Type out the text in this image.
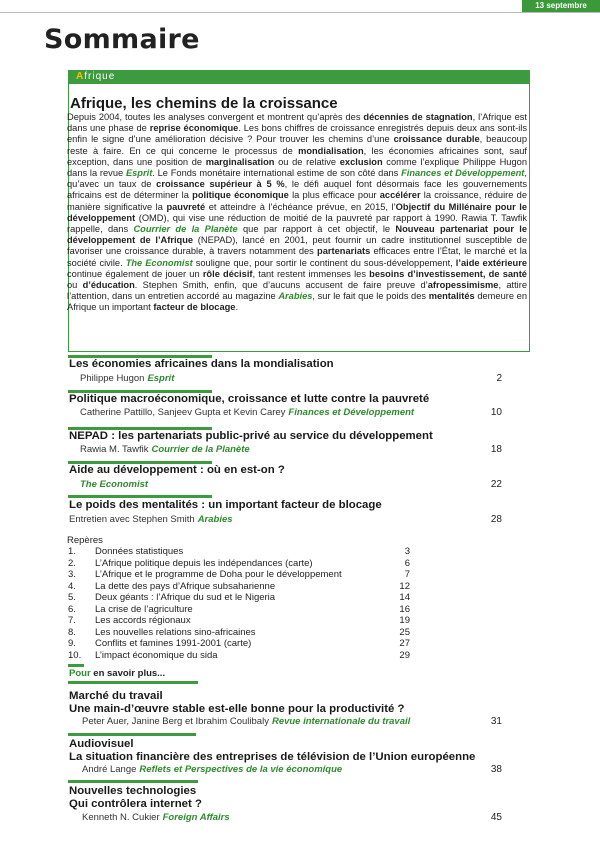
13 septembre
Sommaire
Afrique
Afrique, les chemins de la croissance
Depuis 2004, toutes les analyses convergent et montrent qu’après des décennies de stagnation, l’Afrique est dans une phase de reprise économique. Les bons chiffres de croissance enregistrés depuis deux ans sont-ils enfin le signe d’une amélioration décisive ? Pour trouver les chemins d’une croissance durable, beaucoup reste à faire. En ce qui concerne le processus de mondialisation, les économies africaines sont, sauf exception, dans une position de marginalisation ou de relative exclusion comme l’explique Philippe Hugon dans la revue Esprit. Le Fonds monétaire international estime de son côté dans Finances et Développement, qu’avec un taux de croissance supérieur à 5 %, le défi auquel font désormais face les gouvernements africains est de déterminer la politique économique la plus efficace pour accélérer la croissance, réduire de manière significative la pauvreté et atteindre à l’échéance prévue, en 2015, l’Objectif du Millénaire pour le développement (OMD), qui vise une réduction de moitié de la pauvreté par rapport à 1990. Rawia T. Tawfik rappelle, dans Courrier de la Planète que par rapport à cet objectif, le Nouveau partenariat pour le développement de l’Afrique (NEPAD), lancé en 2001, peut fournir un cadre institutionnel susceptible de favoriser une croissance durable, à travers notamment des partenariats efficaces entre l’État, le marché et la société civile. The Economist souligne que, pour sortir le continent du sous-développement, l’aide extérieure continue également de jouer un rôle décisif, tant restent immenses les besoins d’investissement, de santé ou d’éducation. Stephen Smith, enfin, que d’aucuns accusent de faire preuve d’afropessimisme, attire l’attention, dans un entretien accordé au magazine Arabies, sur le fait que le poids des mentalités demeure en Afrique un important facteur de blocage.
Les économies africaines dans la mondialisation
Philippe Hugon Esprit	2
Politique macroéconomique, croissance et lutte contre la pauvreté
Catherine Pattillo, Sanjeev Gupta et Kevin Carey Finances et Développement	10
NEPAD : les partenariats public-privé au service du développement
Rawia M. Tawfik Courrier de la Planète	18
Aide au développement : où en est-on ?
The Economist	22
Le poids des mentalités : un important facteur de blocage
Entretien avec Stephen Smith Arabies	28
Repères
1. Données statistiques	3
2. L’Afrique politique depuis les indépendances (carte)	6
3. L’Afrique et le programme de Doha pour le développement	7
4. La dette des pays d’Afrique subsaharienne	12
5. Deux géants : l’Afrique du sud et le Nigeria	14
6. La crise de l’agriculture	16
7. Les accords régionaux	19
8. Les nouvelles relations sino-africaines	25
9. Conflits et famines 1991-2001 (carte)	27
10. L’impact économique du sida	29
Pour en savoir plus...
Marché du travail
Une main-d’œuvre stable est-elle bonne pour la productivité ?
Peter Auer, Janine Berg et Ibrahim Coulibaly Revue internationale du travail	31
Audiovisuel
La situation financière des entreprises de télévision de l’Union européenne
André Lange Reflets et Perspectives de la vie économique	38
Nouvelles technologies
Qui contrôlera internet ?
Kenneth N. Cukier Foreign Affairs	45
